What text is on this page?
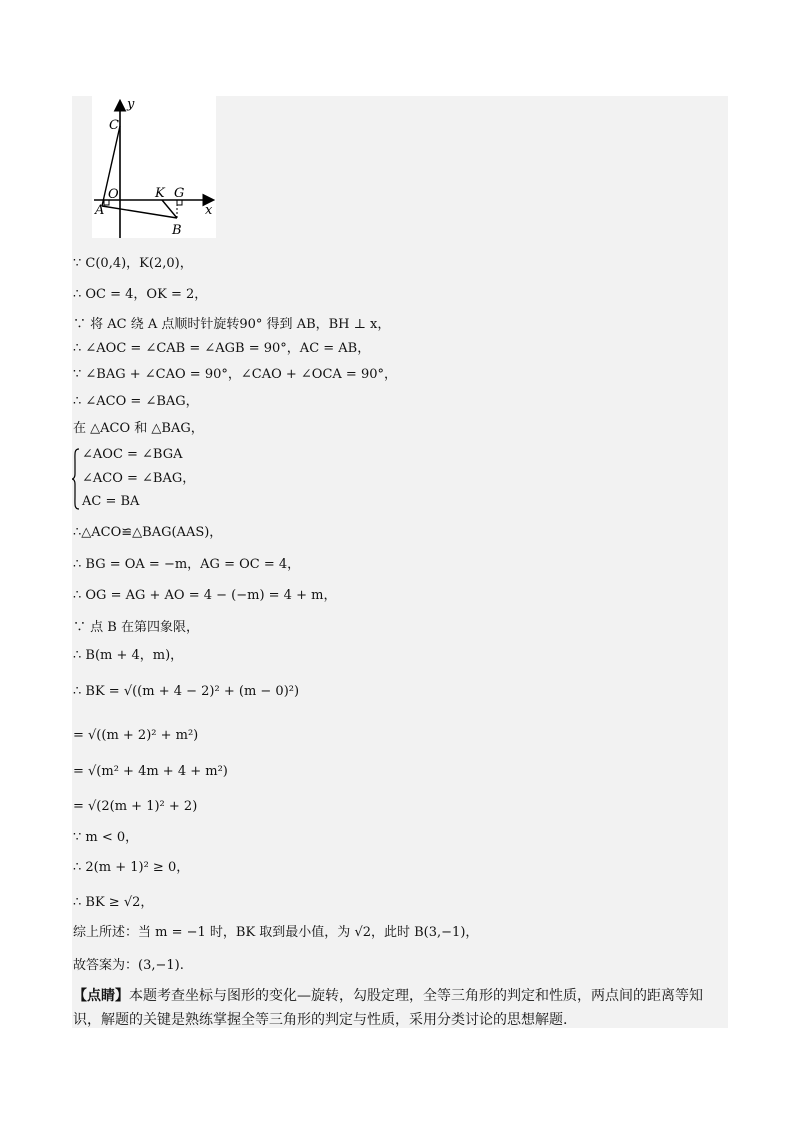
y
C
O
A
K G
x
B
∵ C(0,4)，K(2,0)，
∴ OC = 4，OK = 2，
∵ 将 AC 绕 A 点顺时针旋转90° 得到 AB，BH ⊥ x，
∴ ∠AOC = ∠CAB = ∠AGB = 90°，AC = AB，
∵ ∠BAG + ∠CAO = 90°，∠CAO + ∠OCA = 90°，
∴ ∠ACO = ∠BAG，
在 △ACO 和 △BAG，
∠AOC = ∠BGA
∠ACO = ∠BAG，
AC = BA
∴△ACO≌△BAG(AAS)，
∴ BG = OA = −m，AG = OC = 4，
∴ OG = AG + AO = 4 − (−m) = 4 + m，
∵ 点 B 在第四象限，
∴ B(m + 4，m)，
∴ BK = √((m + 4 − 2)² + (m − 0)²)
= √((m + 2)² + m²)
= √(m² + 4m + 4 + m²)
= √(2(m + 1)² + 2)
∵ m < 0，
∴ 2(m + 1)² ≥ 0，
∴ BK ≥ √2，
综上所述：当 m = −1 时，BK 取到最小值，为 √2，此时 B(3,−1)，
故答案为：(3,−1).
【点睛】本题考查坐标与图形的变化—旋转，勾股定理，全等三角形的判定和性质，两点间的距离等知识，解题的关键是熟练掌握全等三角形的判定与性质，采用分类讨论的思想解题.
